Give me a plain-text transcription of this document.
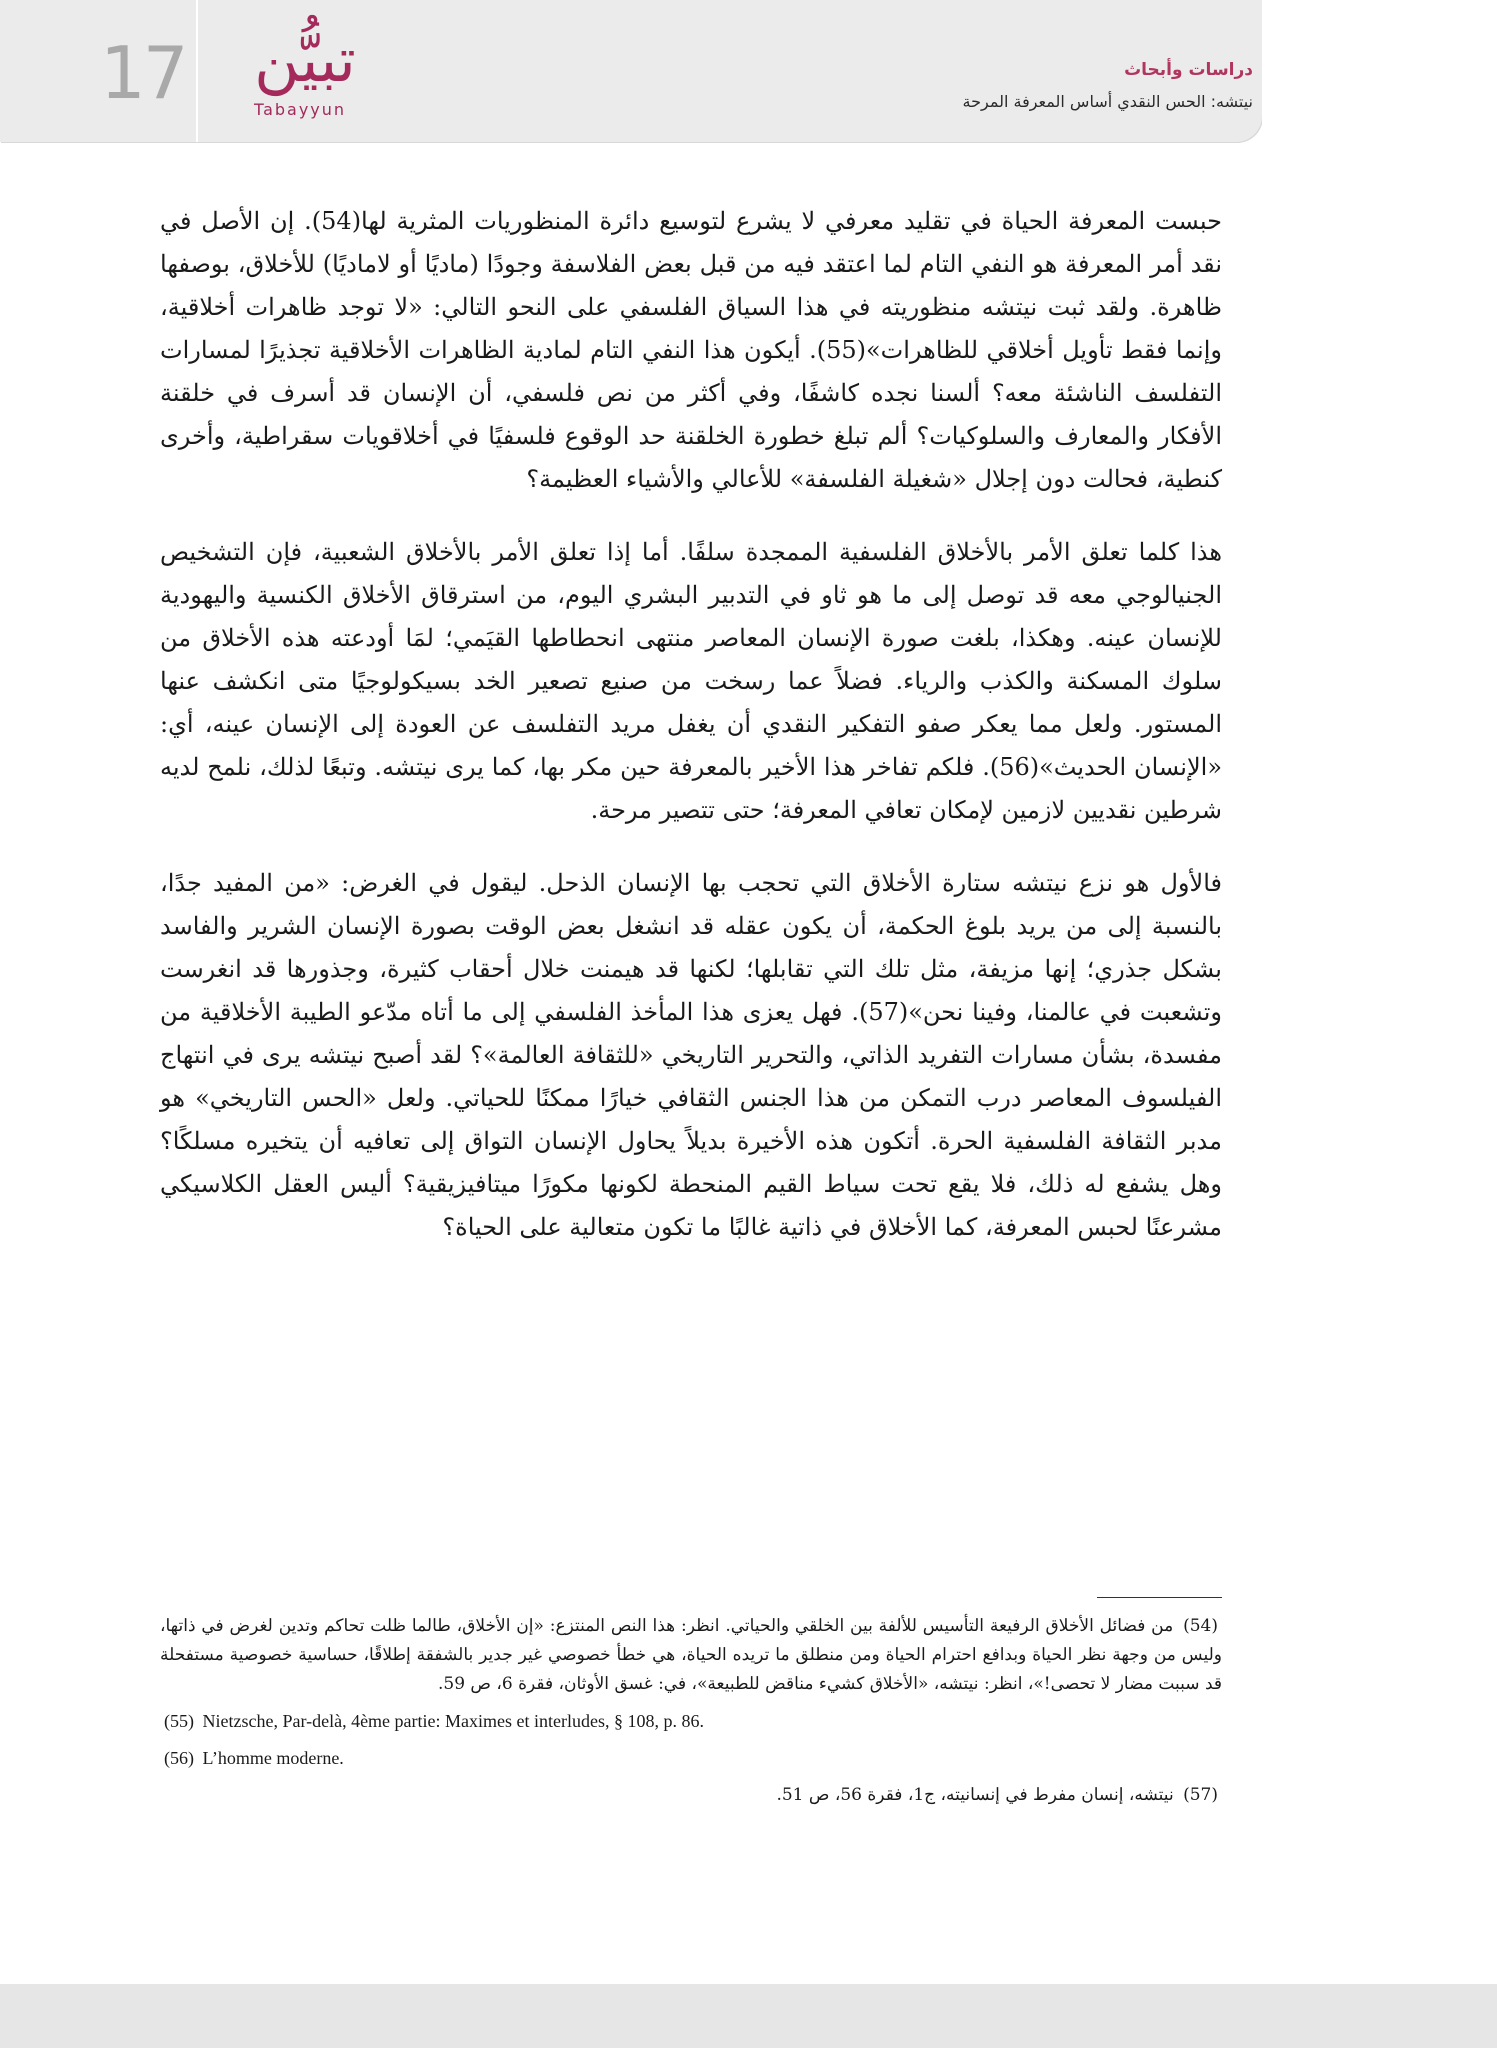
17	تبيُّن
Tabayyun
دراسات وأبحاث
نيتشه: الحس النقدي أساس المعرفة المرحة

حبست المعرفة الحياة في تقليد معرفي لا يشرع لتوسيع دائرة المنظوريات المثرية لها(54). إن الأصل في نقد أمر المعرفة هو النفي التام لما اعتقد فيه من قبل بعض الفلاسفة وجودًا (ماديًا أو لاماديًا) للأخلاق، بوصفها ظاهرة. ولقد ثبت نيتشه منظوريته في هذا السياق الفلسفي على النحو التالي: «لا توجد ظاهرات أخلاقية، وإنما فقط تأويل أخلاقي للظاهرات»(55). أيكون هذا النفي التام لمادية الظاهرات الأخلاقية تجذيرًا لمسارات التفلسف الناشئة معه؟ ألسنا نجده كاشفًا، وفي أكثر من نص فلسفي، أن الإنسان قد أسرف في خلقنة الأفكار والمعارف والسلوكيات؟ ألم تبلغ خطورة الخلقنة حد الوقوع فلسفيًا في أخلاقويات سقراطية، وأخرى كنطية، فحالت دون إجلال «شغيلة الفلسفة» للأعالي والأشياء العظيمة؟

هذا كلما تعلق الأمر بالأخلاق الفلسفية الممجدة سلفًا. أما إذا تعلق الأمر بالأخلاق الشعبية، فإن التشخيص الجنيالوجي معه قد توصل إلى ما هو ثاو في التدبير البشري اليوم، من استرقاق الأخلاق الكنسية واليهودية للإنسان عينه. وهكذا، بلغت صورة الإنسان المعاصر منتهى انحطاطها القيَمي؛ لمَا أودعته هذه الأخلاق من سلوك المسكنة والكذب والرياء. فضلاً عما رسخت من صنيع تصعير الخد بسيكولوجيًا متى انكشف عنها المستور. ولعل مما يعكر صفو التفكير النقدي أن يغفل مريد التفلسف عن العودة إلى الإنسان عينه، أي: «الإنسان الحديث»(56). فلكم تفاخر هذا الأخير بالمعرفة حين مكر بها، كما يرى نيتشه. وتبعًا لذلك، نلمح لديه شرطين نقديين لازمين لإمكان تعافي المعرفة؛ حتى تتصير مرحة.

فالأول هو نزع نيتشه ستارة الأخلاق التي تحجب بها الإنسان الذحل. ليقول في الغرض: «من المفيد جدًا، بالنسبة إلى من يريد بلوغ الحكمة، أن يكون عقله قد انشغل بعض الوقت بصورة الإنسان الشرير والفاسد بشكل جذري؛ إنها مزيفة، مثل تلك التي تقابلها؛ لكنها قد هيمنت خلال أحقاب كثيرة، وجذورها قد انغرست وتشعبت في عالمنا، وفينا نحن»(57). فهل يعزى هذا المأخذ الفلسفي إلى ما أتاه مدّعو الطيبة الأخلاقية من مفسدة، بشأن مسارات التفريد الذاتي، والتحرير التاريخي «للثقافة العالمة»؟ لقد أصبح نيتشه يرى في انتهاج الفيلسوف المعاصر درب التمكن من هذا الجنس الثقافي خيارًا ممكنًا للحياتي. ولعل «الحس التاريخي» هو مدبر الثقافة الفلسفية الحرة. أتكون هذه الأخيرة بديلاً يحاول الإنسان التواق إلى تعافيه أن يتخيره مسلكًا؟ وهل يشفع له ذلك، فلا يقع تحت سياط القيم المنحطة لكونها مكورًا ميتافيزيقية؟ أليس العقل الكلاسيكي مشرعنًا لحبس المعرفة، كما الأخلاق في ذاتية غالبًا ما تكون متعالية على الحياة؟

(54) من فضائل الأخلاق الرفيعة التأسيس للألفة بين الخلقي والحياتي. انظر: هذا النص المنتزع: «إن الأخلاق، طالما ظلت تحاكم وتدين لغرض في ذاتها، وليس من وجهة نظر الحياة وبدافع احترام الحياة ومن منطلق ما تريده الحياة، هي خطأ خصوصي غير جدير بالشفقة إطلاقًا، حساسية خصوصية مستفحلة قد سببت مضار لا تحصى!»، انظر: نيتشه، «الأخلاق كشيء مناقض للطبيعة»، في: غسق الأوثان، فقرة 6، ص 59.
(55) Nietzsche, Par-delà, 4ème partie: Maximes et interludes, § 108, p. 86.
(56) L’homme moderne.
(57) نيتشه، إنسان مفرط في إنسانيته، ج1، فقرة 56، ص 51.
